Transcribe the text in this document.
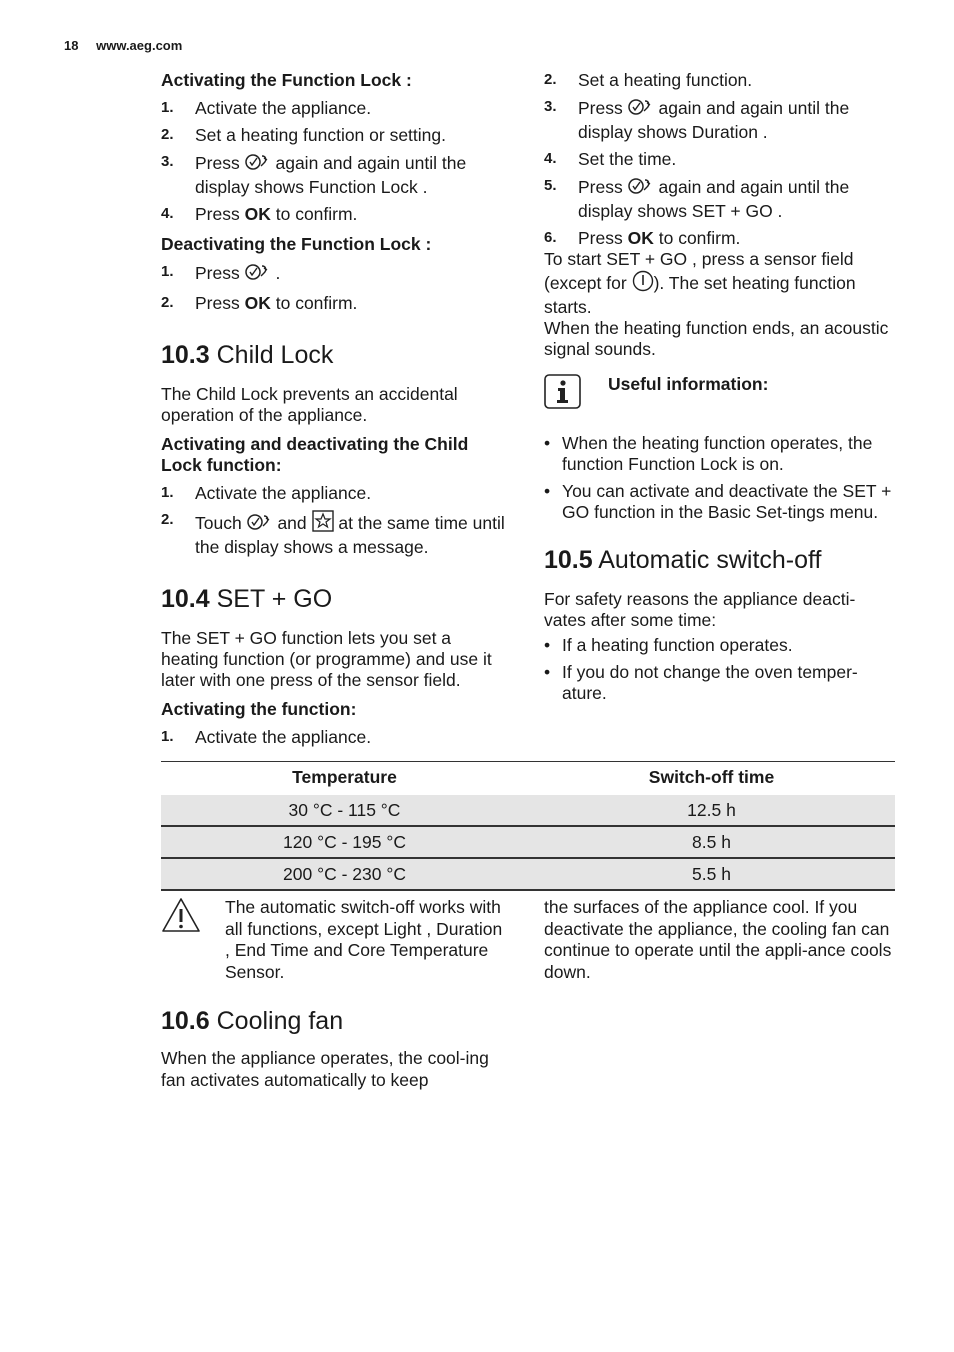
18 www.aeg.com
Activating the Function Lock :
1.	Activate the appliance.
2.	Set a heating function or setting.
3.	Press again and again until the display shows Function Lock .
4.	Press OK to confirm.
Deactivating the Function Lock :
1.	Press .
2.	Press OK to confirm.
10.3 Child Lock

The Child Lock prevents an accidental operation of the appliance.

Activating and deactivating the Child Lock function:
1.	Activate the appliance.
2.	Touch and at the same time until the display shows a message.
10.4 SET + GO

The SET + GO function lets you set a heating function (or programme) and use it later with one press of the sensor field.

Activating the function:
1.	Activate the appliance.
2.	Set a heating function.
3.	Press again and again until the display shows Duration .
4.	Set the time.
5.	Press again and again until the display shows SET + GO .
6.	Press OK to confirm.

To start SET + GO , press a sensor field (except for ). The set heating function starts.

When the heating function ends, an acoustic signal sounds.

Useful information:
• When the heating function operates, the function Function Lock is on.
• You can activate and deactivate the SET + GO function in the Basic Set-tings menu.
10.5 Automatic switch-off

For safety reasons the appliance deacti-vates after some time:

• If a heating function operates.
• If you do not change the oven temper-ature.
Temperature	Switch-off time
30 °C - 115 °C	12.5 h
120 °C - 195 °C	8.5 h
200 °C - 230 °C	5.5 h
The automatic switch-off works with all functions, except Light , Duration , End Time and Core Temperature Sensor.
the surfaces of the appliance cool. If you deactivate the appliance, the cooling fan can continue to operate until the appli-ance cools down.
10.6 Cooling fan

When the appliance operates, the cool-ing fan activates automatically to keep
